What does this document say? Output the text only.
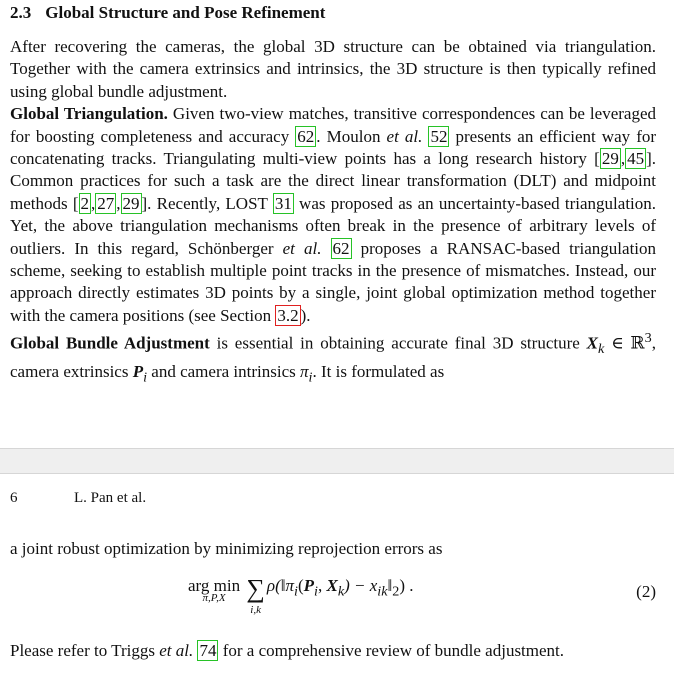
2.3 Global Structure and Pose Refinement

After recovering the cameras, the global 3D structure can be obtained via triangulation. Together with the camera extrinsics and intrinsics, the 3D structure is then typically refined using global bundle adjustment.

Global Triangulation. Given two-view matches, transitive correspondences can be leveraged for boosting completeness and accuracy 62 . Moulon et al. 52 presents an efficient way for concatenating tracks. Triangulating multi-view points has a long research history [ 29 , 45 ]. Common practices for such a task are the direct linear transformation (DLT) and midpoint methods [ 2 , 27 , 29 ]. Recently, LOST 31 was proposed as an uncertainty-based triangulation. Yet, the above triangulation mechanisms often break in the presence of arbitrary levels of outliers. In this regard, Schönberger et al. 62 proposes a RANSAC-based triangulation scheme, seeking to establish multiple point tracks in the presence of mismatches. Instead, our approach directly estimates 3D points by a single, joint global optimization method together with the camera positions (see Section 3.2 ).

Global Bundle Adjustment is essential in obtaining accurate final 3D structure $X_k$ ∈ ℝ$^3$, camera extrinsics $P_i$ and camera intrinsics $\pi_i$. It is formulated as

6	L. Pan et al.
a joint robust optimization by minimizing reprojection errors as
arg min
π,P,X
∑
i,k
$\rho(‖\pi_i(P_i$, $X_k$) − $x_{ik}‖_2$) .	(2)
Please refer to Triggs et al. 74 for a comprehensive review of bundle adjustment.
